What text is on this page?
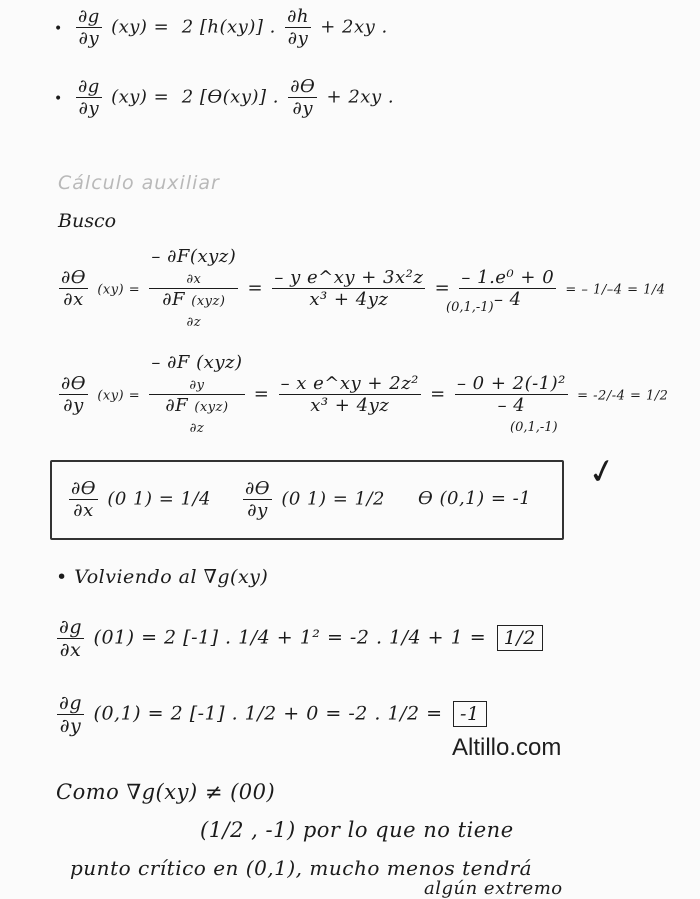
• $\frac{\partial g}{\partial y} (xy) = 2$ [h(xy)] . $\frac{\partial h}{\partial y} + 2xy$ .
• $\frac{\partial g}{\partial y} (xy) = 2$ [ϴ(xy)] . $\frac{\partial ϴ}{\partial y} + 2xy$ .
Cálculo auxiliar
Busco
$\frac{\partial ϴ}{\partial x} (xy)$ =
– ∂F(xyz)
∂x
∂F (xyz)
∂z
= $\frac{\text{– y e\textasciicircum{}xy + 3x²z}}{\text{x³ + 4yz}} = \frac{\text{– 1.e⁰ + 0}}{- 4}$ = – 1/–4 = 1/4
(0,1,-1)
$\frac{\partial ϴ}{\partial y} (xy)$ =
– ∂F (xyz)
∂y
∂F (xyz)
∂z
= $\frac{\text{– x e\textasciicircum{}xy + 2z²}}{\text{x³ + 4yz}} = \frac{\text{– 0 + 2(-1)²}}{- 4} = -2/-4 = 1/2$
(0,1,-1)
$\frac{\partial ϴ}{\partial x} (0$ $1) = 1/4 \frac{\partial ϴ}{\partial y} (0$ 1) = 1/2 ϴ (0,1) = -1
✓
• Volviendo al ∇g(xy)
$\frac{\partial g}{\partial x} (01) = 2$ [-1] . 1/4 + 1² = -2 . 1/4 + 1 = 1/2
$\frac{\partial g}{\partial y} (0,1) = 2$ [-1] . 1/2 + 0 = -2 . 1/2 = -1
Altillo.com
Como ∇g(xy) ≠ (00)
(1/2 , -1) por lo que no tiene
punto crítico en (0,1), mucho menos tendrá
algún extremo
